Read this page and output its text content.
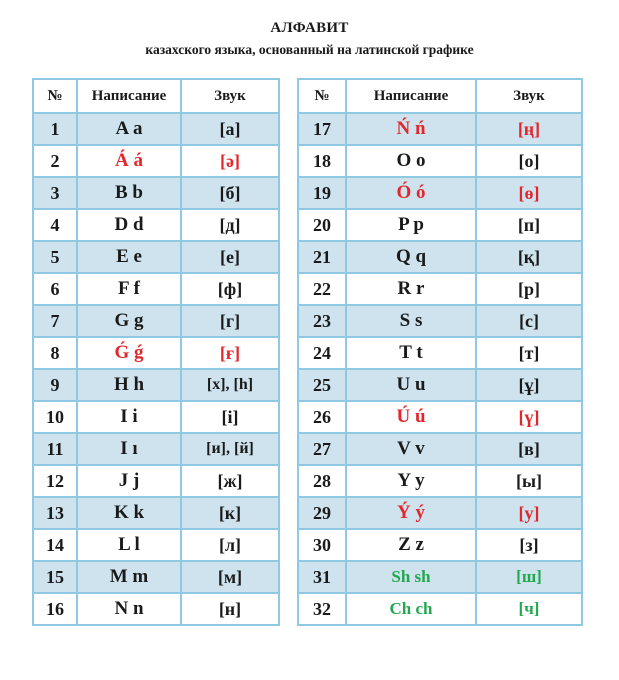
АЛФАВИТ
казахского языка, основанный на латинской графике
№	Написание	Звук
1	A a	[а]
2	Á á	[ә]
3	B b	[б]
4	D d	[д]
5	E e	[е]
6	F f	[ф]
7	G g	[г]
8	Ǵ ǵ	[ғ]
9	H h	[х], [h]
10	I i	[і]
11	I ı	[и], [й]
12	J j	[ж]
13	K k	[к]
14	L l	[л]
15	M m	[м]
16	N n	[н]
№	Написание	Звук
17	Ń ń	[ң]
18	O o	[о]
19	Ó ó	[ө]
20	P p	[п]
21	Q q	[қ]
22	R r	[р]
23	S s	[с]
24	T t	[т]
25	U u	[ұ]
26	Ú ú	[ү]
27	V v	[в]
28	Y y	[ы]
29	Ý ý	[у]
30	Z z	[з]
31	Sh sh	[ш]
32	Ch ch	[ч]
